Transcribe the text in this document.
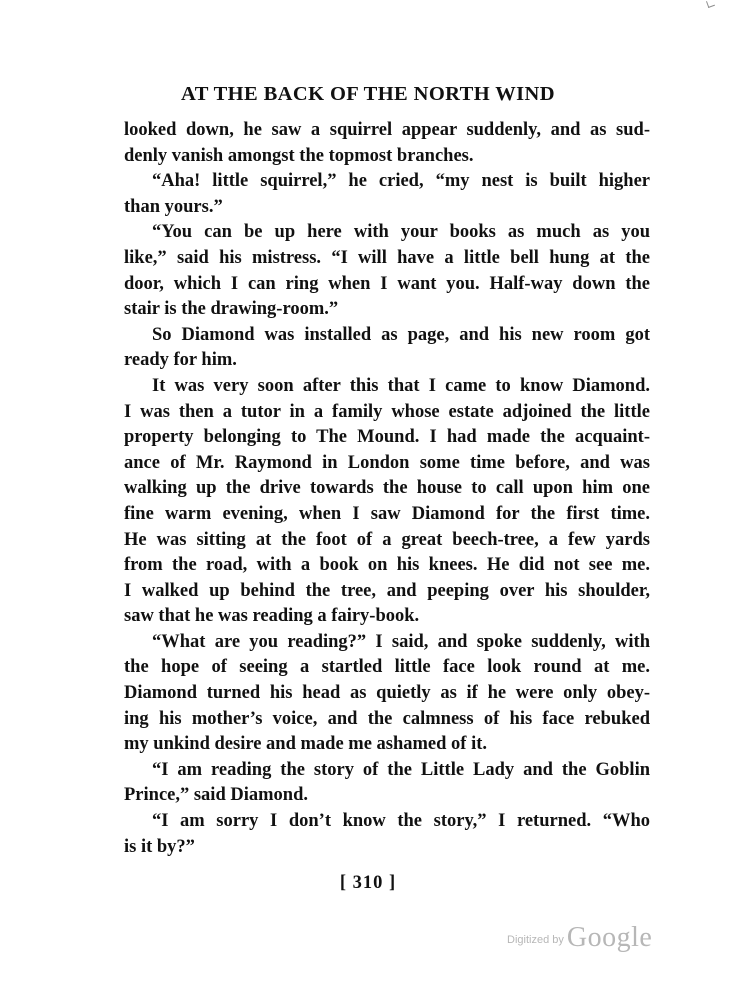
AT THE BACK OF THE NORTH WIND
looked down, he saw a squirrel appear suddenly, and as sud-
denly vanish amongst the topmost branches.
“Aha! little squirrel,” he cried, “my nest is built higher
than yours.”
“You can be up here with your books as much as you
like,” said his mistress. “I will have a little bell hung at the
door, which I can ring when I want you. Half-way down the
stair is the drawing-room.”
So Diamond was installed as page, and his new room got
ready for him.
It was very soon after this that I came to know Diamond.
I was then a tutor in a family whose estate adjoined the little
property belonging to The Mound. I had made the acquaint-
ance of Mr. Raymond in London some time before, and was
walking up the drive towards the house to call upon him one
fine warm evening, when I saw Diamond for the first time.
He was sitting at the foot of a great beech-tree, a few yards
from the road, with a book on his knees. He did not see me.
I walked up behind the tree, and peeping over his shoulder,
saw that he was reading a fairy-book.
“What are you reading?” I said, and spoke suddenly, with
the hope of seeing a startled little face look round at me.
Diamond turned his head as quietly as if he were only obey-
ing his mother’s voice, and the calmness of his face rebuked
my unkind desire and made me ashamed of it.
“I am reading the story of the Little Lady and the Goblin
Prince,” said Diamond.
“I am sorry I don’t know the story,” I returned. “Who
is it by?”
[ 310 ]
Digitized by Google
